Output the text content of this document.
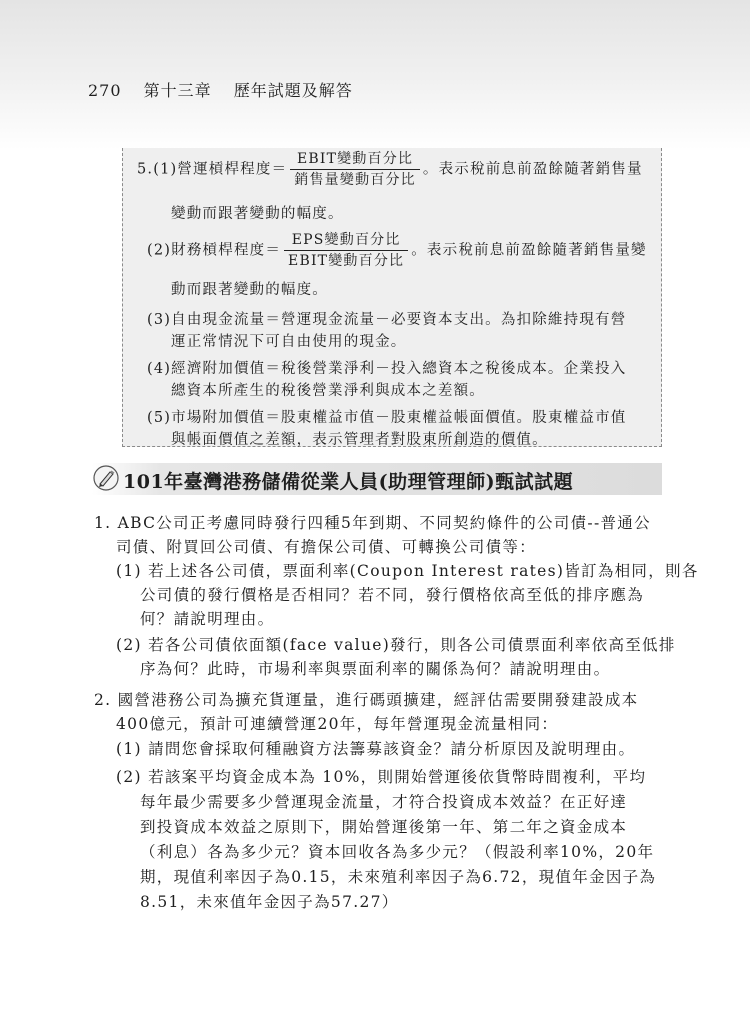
270 第十三章 歷年試題及解答
5.(1)營運槓桿程度＝ $\frac{\text{EBIT變動百分比}}{\text{銷售量變動百分比}}$ 。表示稅前息前盈餘隨著銷售量
變動而跟著變動的幅度。
(2)財務槓桿程度＝ $\frac{\text{EPS變動百分比}}{\text{EBIT變動百分比}}$ 。表示稅前息前盈餘隨著銷售量變
動而跟著變動的幅度。
(3)自由現金流量＝營運現金流量－必要資本支出。為扣除維持現有營
運正常情況下可自由使用的現金。
(4)經濟附加價值＝稅後營業淨利－投入總資本之稅後成本。企業投入
總資本所產生的稅後營業淨利與成本之差額。
(5)市場附加價值＝股東權益市值－股東權益帳面價值。股東權益市值
與帳面價值之差額，表示管理者對股東所創造的價值。
101年臺灣港務儲備從業人員(助理管理師)甄試試題
1. ABC公司正考慮同時發行四種5年到期、不同契約條件的公司債--普通公
司債、附買回公司債、有擔保公司債、可轉換公司債等：
(1) 若上述各公司債，票面利率(Coupon Interest rates)皆訂為相同，則各
公司債的發行價格是否相同？若不同，發行價格依高至低的排序應為
何？請說明理由。
(2) 若各公司債依面額(face value)發行，則各公司債票面利率依高至低排
序為何？此時，市場利率與票面利率的關係為何？請說明理由。
2. 國營港務公司為擴充貨運量，進行碼頭擴建，經評估需要開發建設成本
400億元，預計可連續營運20年，每年營運現金流量相同：
(1) 請問您會採取何種融資方法籌募該資金？請分析原因及說明理由。
(2) 若該案平均資金成本為 10%，則開始營運後依貨幣時間複利，平均
每年最少需要多少營運現金流量，才符合投資成本效益？在正好達
到投資成本效益之原則下，開始營運後第一年、第二年之資金成本
（利息）各為多少元？資本回收各為多少元？（假設利率10%，20年
期，現值利率因子為0.15，未來殖利率因子為6.72，現值年金因子為
8.51，未來值年金因子為57.27）
